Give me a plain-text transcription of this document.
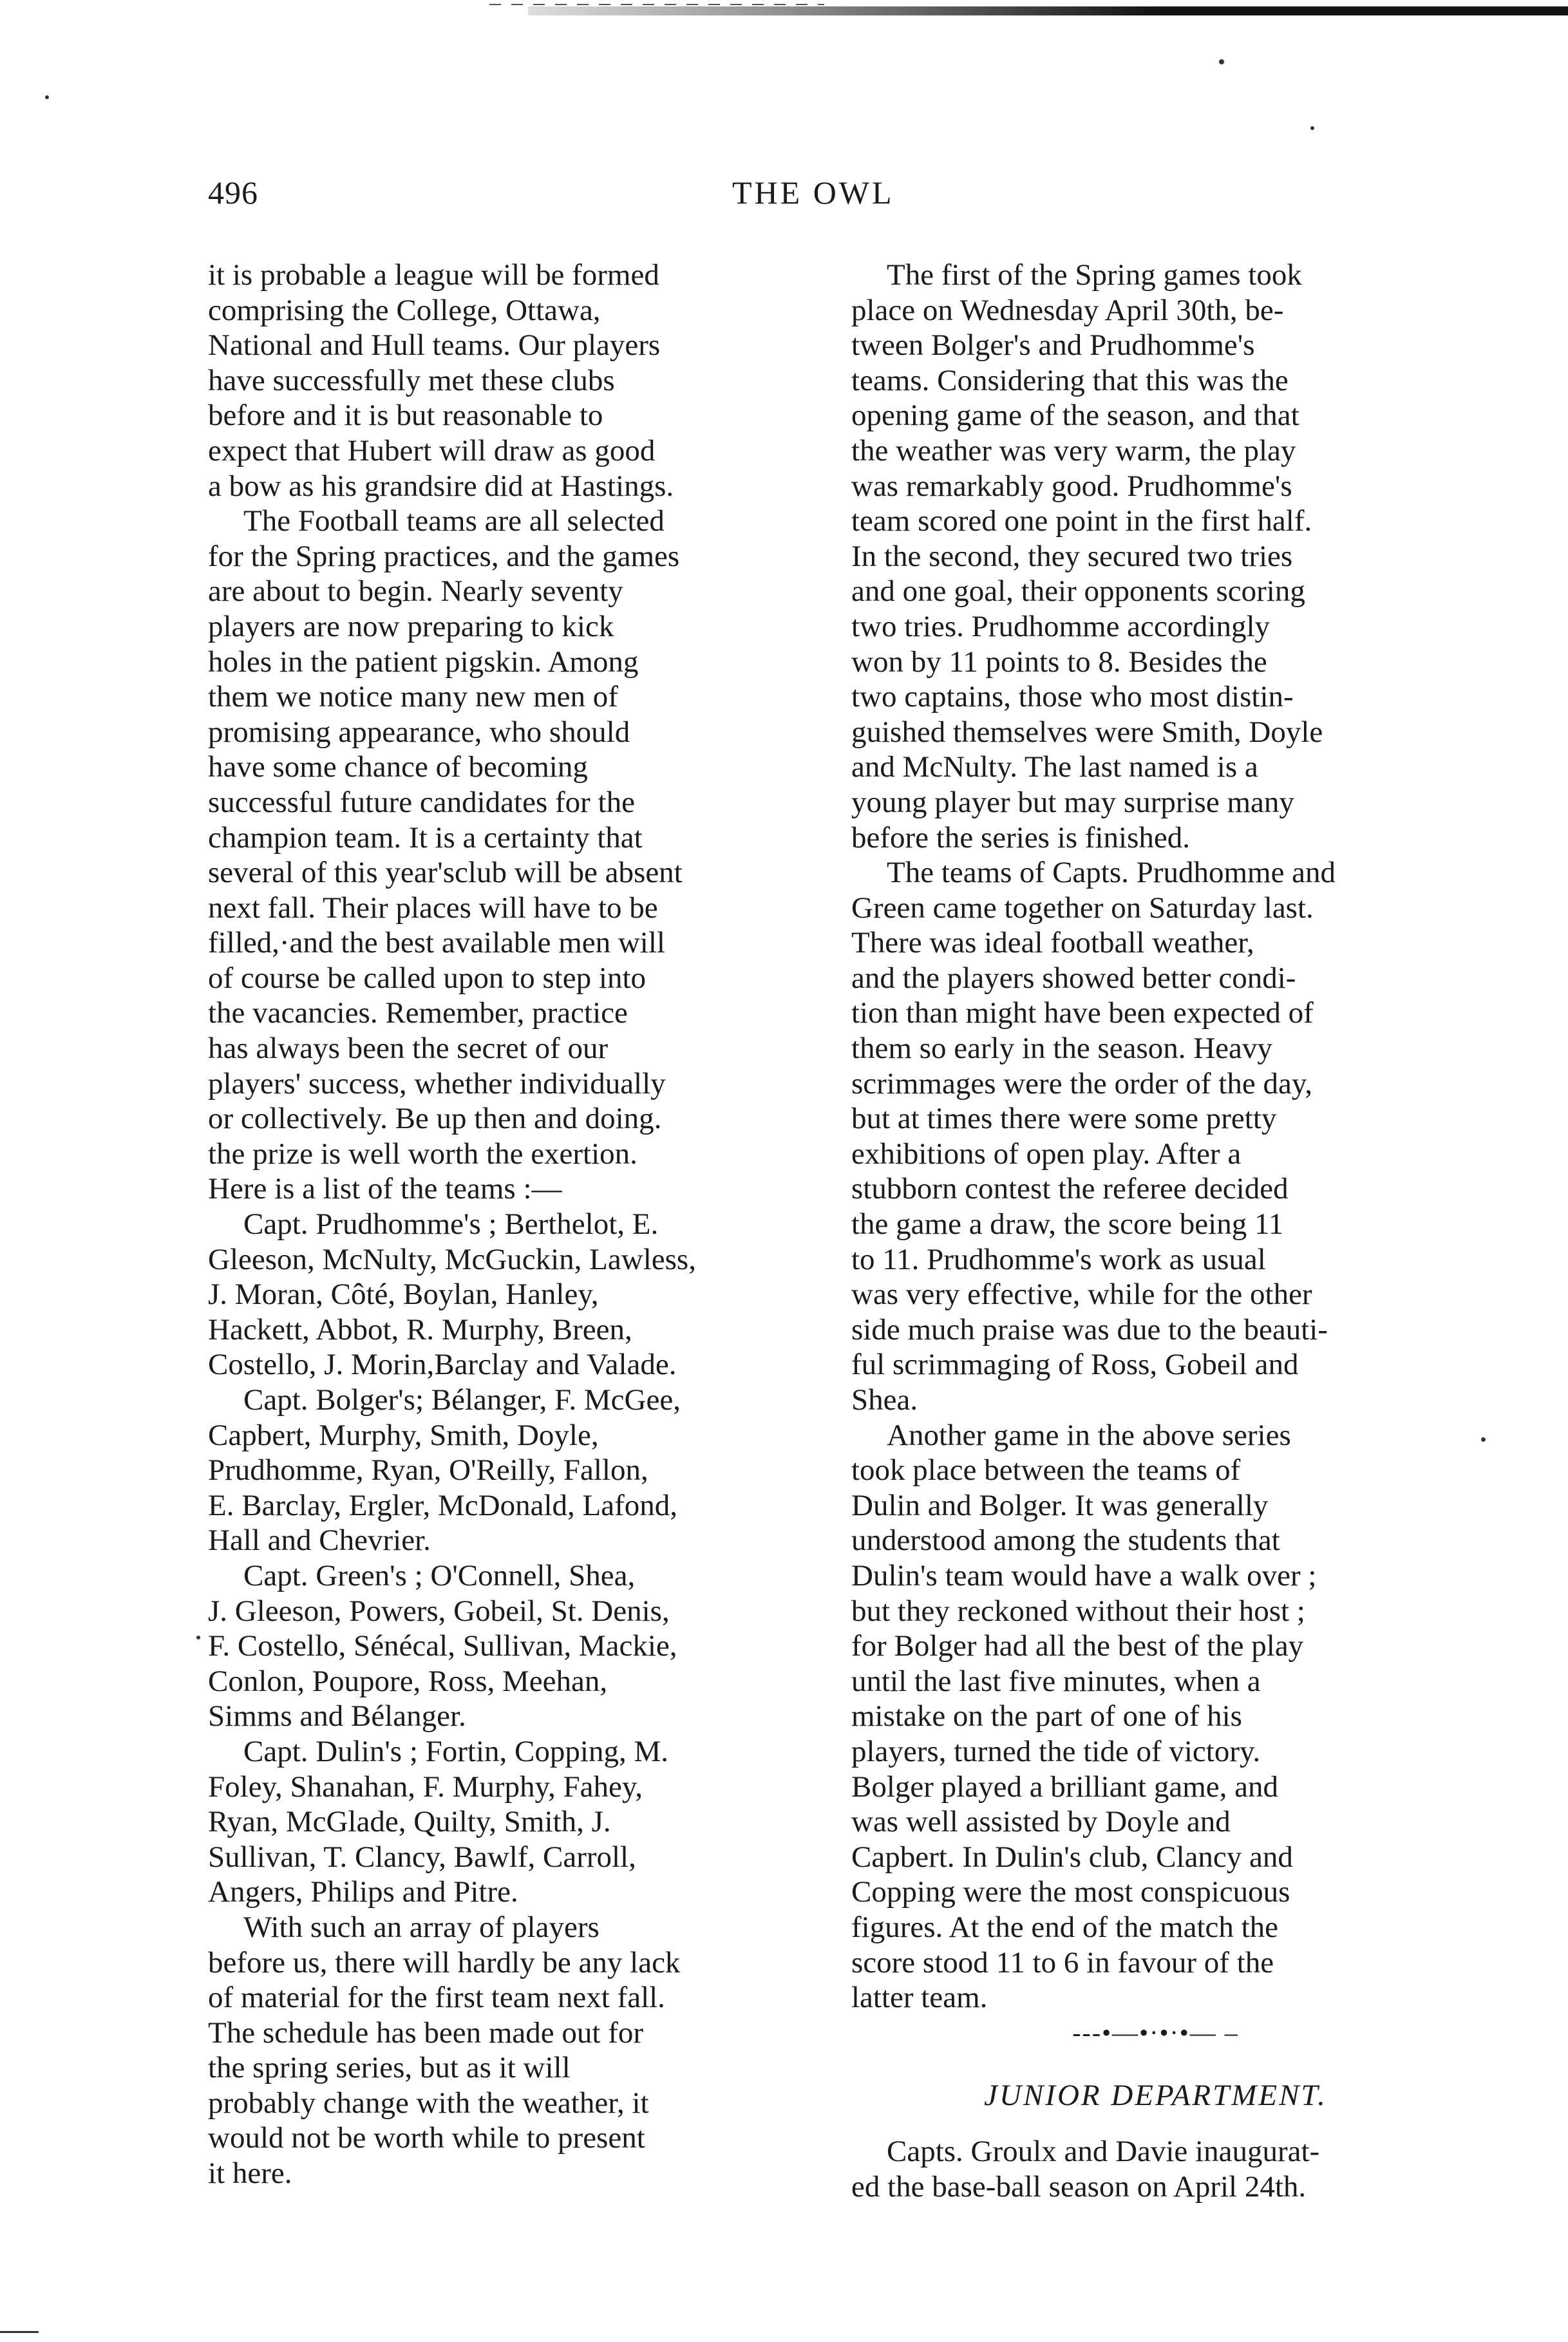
496	THE OWL

it is probable a league will be formed
comprising the College, Ottawa,
National and Hull teams. Our players
have successfully met these clubs
before and it is but reasonable to
expect that Hubert will draw as good
a bow as his grandsire did at Hastings.

The Football teams are all selected
for the Spring practices, and the games
are about to begin. Nearly seventy
players are now preparing to kick
holes in the patient pigskin. Among
them we notice many new men of
promising appearance, who should
have some chance of becoming
successful future candidates for the
champion team. It is a certainty that
several of this year'sclub will be absent
next fall. Their places will have to be
filled,·and the best available men will
of course be called upon to step into
the vacancies. Remember, practice
has always been the secret of our
players' success, whether individually
or collectively. Be up then and doing.
the prize is well worth the exertion.
Here is a list of the teams :—

Capt. Prudhomme's ; Berthelot, E.
Gleeson, McNulty, McGuckin, Lawless,
J. Moran, Côté, Boylan, Hanley,
Hackett, Abbot, R. Murphy, Breen,
Costello, J. Morin,Barclay and Valade.

Capt. Bolger's; Bélanger, F. McGee,
Capbert, Murphy, Smith, Doyle,
Prudhomme, Ryan, O'Reilly, Fallon,
E. Barclay, Ergler, McDonald, Lafond,
Hall and Chevrier.

Capt. Green's ; O'Connell, Shea,
J. Gleeson, Powers, Gobeil, St. Denis,
F. Costello, Sénécal, Sullivan, Mackie,
Conlon, Poupore, Ross, Meehan,
Simms and Bélanger.

Capt. Dulin's ; Fortin, Copping, M.
Foley, Shanahan, F. Murphy, Fahey,
Ryan, McGlade, Quilty, Smith, J.
Sullivan, T. Clancy, Bawlf, Carroll,
Angers, Philips and Pitre.

With such an array of players
before us, there will hardly be any lack
of material for the first team next fall.
The schedule has been made out for
the spring series, but as it will
probably change with the weather, it
would not be worth while to present
it here.

The first of the Spring games took
place on Wednesday April 30th, be-
tween Bolger's and Prudhomme's
teams. Considering that this was the
opening game of the season, and that
the weather was very warm, the play
was remarkably good. Prudhomme's
team scored one point in the first half.
In the second, they secured two tries
and one goal, their opponents scoring
two tries. Prudhomme accordingly
won by 11 points to 8. Besides the
two captains, those who most distin-
guished themselves were Smith, Doyle
and McNulty. The last named is a
young player but may surprise many
before the series is finished.

The teams of Capts. Prudhomme and
Green came together on Saturday last.
There was ideal football weather,
and the players showed better condi-
tion than might have been expected of
them so early in the season. Heavy
scrimmages were the order of the day,
but at times there were some pretty
exhibitions of open play. After a
stubborn contest the referee decided
the game a draw, the score being 11
to 11. Prudhomme's work as usual
was very effective, while for the other
side much praise was due to the beauti-
ful scrimmaging of Ross, Gobeil and
Shea.

Another game in the above series
took place between the teams of
Dulin and Bolger. It was generally
understood among the students that
Dulin's team would have a walk over ;
but they reckoned without their host ;
for Bolger had all the best of the play
until the last five minutes, when a
mistake on the part of one of his
players, turned the tide of victory.
Bolger played a brilliant game, and
was well assisted by Doyle and
Capbert. In Dulin's club, Clancy and
Copping were the most conspicuous
figures. At the end of the match the
score stood 11 to 6 in favour of the
latter team.

---•—•·•·•— –
JUNIOR DEPARTMENT.

Capts. Groulx and Davie inaugurat-
ed the base-ball season on April 24th.
